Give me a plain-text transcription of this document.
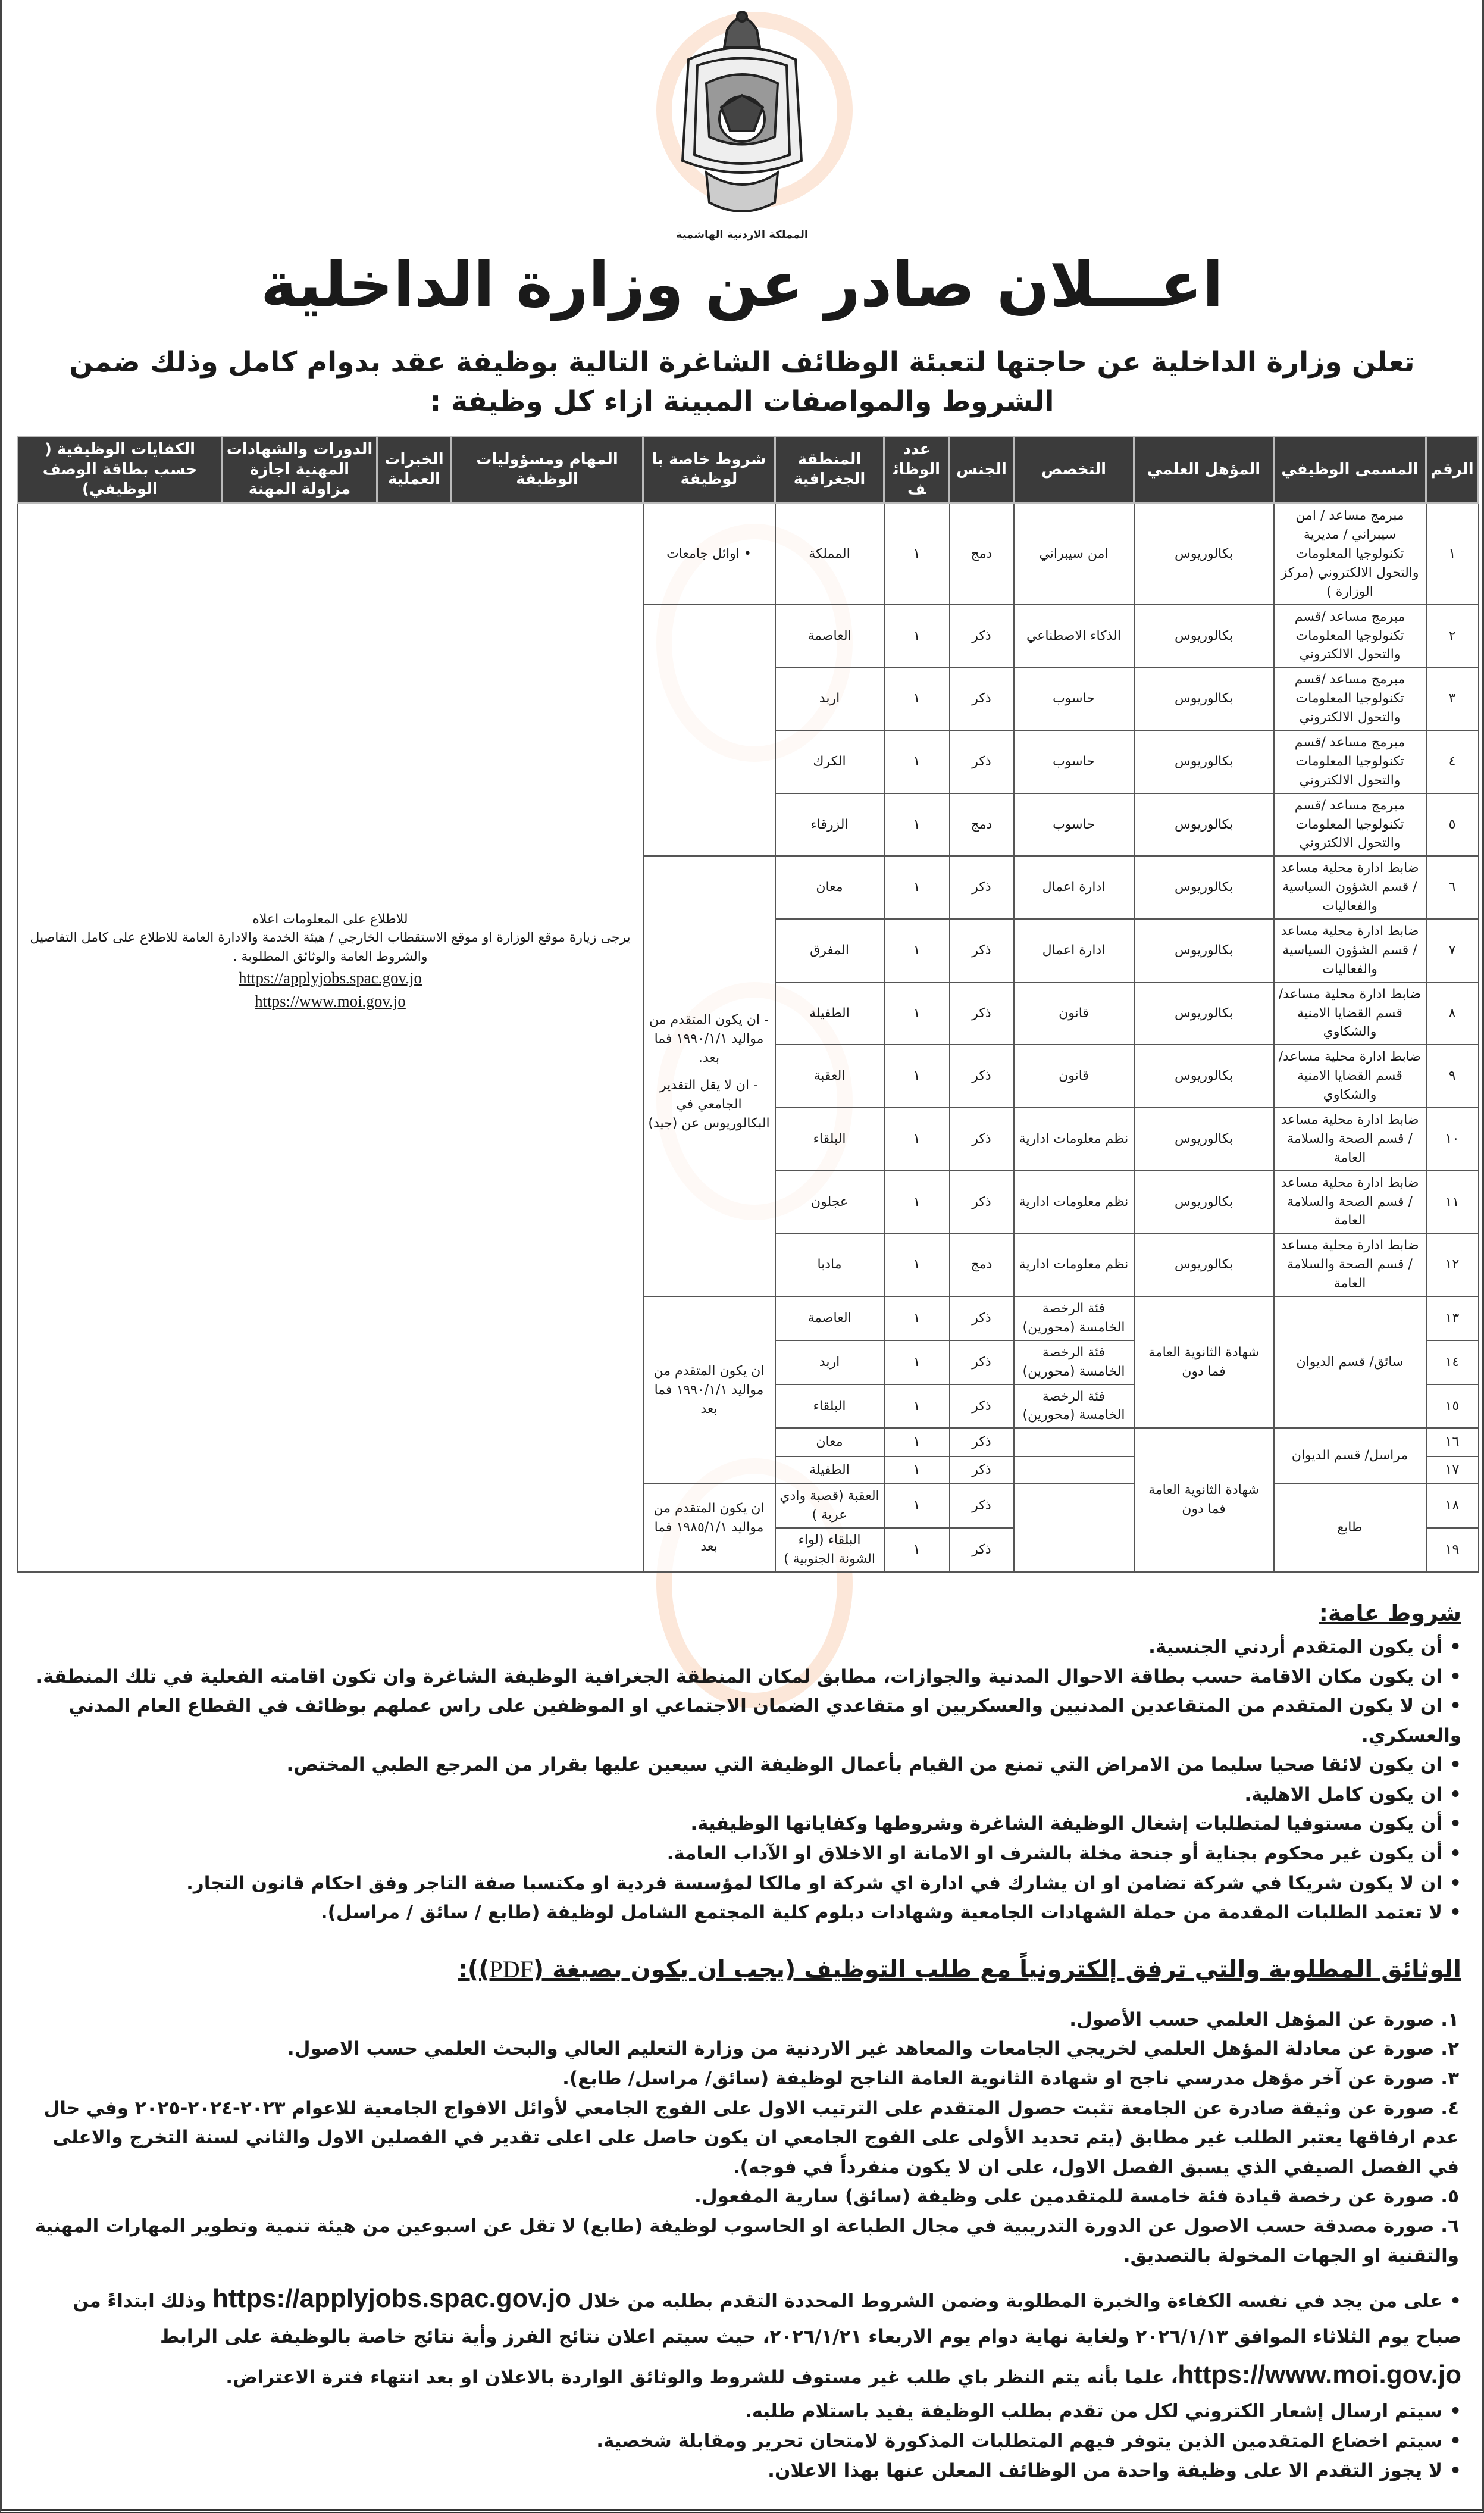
المملكة الاردنية الهاشمية
اعـــلان صادر عن وزارة الداخلية
تعلن وزارة الداخلية عن حاجتها لتعبئة الوظائف الشاغرة التالية بوظيفة عقد بدوام كامل وذلك ضمن الشروط والمواصفات المبينة ازاء كل وظيفة :
الرقم	المسمى الوظيفي	المؤهل العلمي	التخصص	الجنس	عدد الوظائف	المنطقة الجغرافية	شروط خاصة با لوظيفة	المهام ومسؤوليات الوظيفة	الخبرات العملية	الدورات والشهادات المهنية اجازة مزاولة المهنة	الكفايات الوظيفية ( حسب بطاقة الوصف الوظيفي)
١	مبرمج مساعد / امن سيبراني / مديرية تكنولوجيا المعلومات والتحول الالكتروني (مركز الوزارة )	بكالوريوس	امن سيبراني	دمج	١	المملكة	• اوائل جامعات	للاطلاع على المعلومات اعلاه
يرجى زيارة موقع الوزارة او موقع الاستقطاب الخارجي / هيئة الخدمة والادارة العامة للاطلاع على كامل التفاصيل والشروط العامة والوثائق المطلوبة .
https://applyjobs.spac.gov.jo
https://www.moi.gov.jo			

٢	مبرمج مساعد /قسم تكنولوجيا المعلومات والتحول الالكتروني	بكالوريوس	الذكاء الاصطناعي	ذكر	١	العاصمة					
٣	مبرمج مساعد /قسم تكنولوجيا المعلومات والتحول الالكتروني	بكالوريوس	حاسوب	ذكر	١	اربد					
٤	مبرمج مساعد /قسم تكنولوجيا المعلومات والتحول الالكتروني	بكالوريوس	حاسوب	ذكر	١	الكرك					
٥	مبرمج مساعد /قسم تكنولوجيا المعلومات والتحول الالكتروني	بكالوريوس	حاسوب	دمج	١	الزرقاء					
٦	ضابط ادارة محلية مساعد / قسم الشؤون السياسية والفعاليات	بكالوريوس	ادارة اعمال	ذكر	١	معان	- ان يكون المتقدم من مواليد ١٩٩٠/١/١ فما بعد.
- ان لا يقل التقدير الجامعي في البكالوريوس عن (جيد)				

٧	ضابط ادارة محلية مساعد / قسم الشؤون السياسية والفعاليات	بكالوريوس	ادارة اعمال	ذكر	١	المفرق					
٨	ضابط ادارة محلية مساعد/قسم القضايا الامنية والشكاوي	بكالوريوس	قانون	ذكر	١	الطفيلة					
٩	ضابط ادارة محلية مساعد/قسم القضايا الامنية والشكاوي	بكالوريوس	قانون	ذكر	١	العقبة					
١٠	ضابط ادارة محلية مساعد / قسم الصحة والسلامة العامة	بكالوريوس	نظم معلومات ادارية	ذكر	١	البلقاء					
١١	ضابط ادارة محلية مساعد / قسم الصحة والسلامة العامة	بكالوريوس	نظم معلومات ادارية	ذكر	١	عجلون					
١٢	ضابط ادارة محلية مساعد / قسم الصحة والسلامة العامة	بكالوريوس	نظم معلومات ادارية	دمج	١	مادبا					
١٣	سائق/ قسم الديوان	شهادة الثانوية العامة فما دون	فئة الرخصة الخامسة (محورين)	ذكر	١	العاصمة	ان يكون المتقدم من مواليد ١٩٩٠/١/١ فما بعد				
١٤			فئة الرخصة الخامسة (محورين)	ذكر	١	اربد					
١٥			فئة الرخصة الخامسة (محورين)	ذكر	١	البلقاء					
١٦	مراسل/ قسم الديوان	شهادة الثانوية العامة فما دون		ذكر	١	معان					
١٧				ذكر	١	الطفيلة					
١٨	طابع			ذكر	١	العقبة (قصبة وادي عربة )	ان يكون المتقدم من مواليد ١٩٨٥/١/١ فما بعد				
١٩				ذكر	١	البلقاء (لواء الشونة الجنوبية )					
شروط عامة:
• أن يكون المتقدم أردني الجنسية.
• ان يكون مكان الاقامة حسب بطاقة الاحوال المدنية والجوازات، مطابق لمكان المنطقة الجغرافية الوظيفة الشاغرة وان تكون اقامته الفعلية في تلك المنطقة.
• ان لا يكون المتقدم من المتقاعدين المدنيين والعسكريين او متقاعدي الضمان الاجتماعي او الموظفين على راس عملهم بوظائف في القطاع العام المدني والعسكري.
• ان يكون لائقا صحيا سليما من الامراض التي تمنع من القيام بأعمال الوظيفة التي سيعين عليها بقرار من المرجع الطبي المختص.
• ان يكون كامل الاهلية.
• أن يكون مستوفيا لمتطلبات إشغال الوظيفة الشاغرة وشروطها وكفاياتها الوظيفية.
• أن يكون غير محكوم بجناية أو جنحة مخلة بالشرف او الامانة او الاخلاق او الآداب العامة.
• ان لا يكون شريكا في شركة تضامن او ان يشارك في ادارة اي شركة او مالكا لمؤسسة فردية او مكتسبا صفة التاجر وفق احكام قانون التجار.
• لا تعتمد الطلبات المقدمة من حملة الشهادات الجامعية وشهادات دبلوم كلية المجتمع الشامل لوظيفة (طابع / سائق / مراسل).
الوثائق المطلوبة والتي ترفق إلكترونياً مع طلب التوظيف (يجب ان يكون بصيغة (PDF)):
١. صورة عن المؤهل العلمي حسب الأصول.
٢. صورة عن معادلة المؤهل العلمي لخريجي الجامعات والمعاهد غير الاردنية من وزارة التعليم العالي والبحث العلمي حسب الاصول.
٣. صورة عن آخر مؤهل مدرسي ناجح او شهادة الثانوية العامة الناجح لوظيفة (سائق/ مراسل/ طابع).
٤. صورة عن وثيقة صادرة عن الجامعة تثبت حصول المتقدم على الترتيب الاول على الفوج الجامعي لأوائل الافواج الجامعية للاعوام ٢٠٢٣-٢٠٢٤-٢٠٢٥ وفي حال عدم ارفاقها يعتبر الطلب غير مطابق (يتم تحديد الأولى على الفوج الجامعي ان يكون حاصل على اعلى تقدير في الفصلين الاول والثاني لسنة التخرج والاعلى في الفصل الصيفي الذي يسبق الفصل الاول، على ان لا يكون منفرداً في فوجه).
٥. صورة عن رخصة قيادة فئة خامسة للمتقدمين على وظيفة (سائق) سارية المفعول.
٦. صورة مصدقة حسب الاصول عن الدورة التدريبية في مجال الطباعة او الحاسوب لوظيفة (طابع) لا تقل عن اسبوعين من هيئة تنمية وتطوير المهارات المهنية والتقنية او الجهات المخولة بالتصديق.
• على من يجد في نفسه الكفاءة والخبرة المطلوبة وضمن الشروط المحددة التقدم بطلبه من خلال https://applyjobs.spac.gov.jo وذلك ابتداءً من صباح يوم الثلاثاء الموافق ٢٠٢٦/١/١٣ ولغاية نهاية دوام يوم الاربعاء ٢٠٢٦/١/٢١، حيث سيتم اعلان نتائج الفرز وأية نتائج خاصة بالوظيفة على الرابط https://www.moi.gov.jo، علما بأنه يتم النظر باي طلب غير مستوف للشروط والوثائق الواردة بالاعلان او بعد انتهاء فترة الاعتراض.
• سيتم ارسال إشعار الكتروني لكل من تقدم بطلب الوظيفة يفيد باستلام طلبه.
• سيتم اخضاع المتقدمين الذين يتوفر فيهم المتطلبات المذكورة لامتحان تحرير ومقابلة شخصية.
• لا يجوز التقدم الا على وظيفة واحدة من الوظائف المعلن عنها بهذا الاعلان.
